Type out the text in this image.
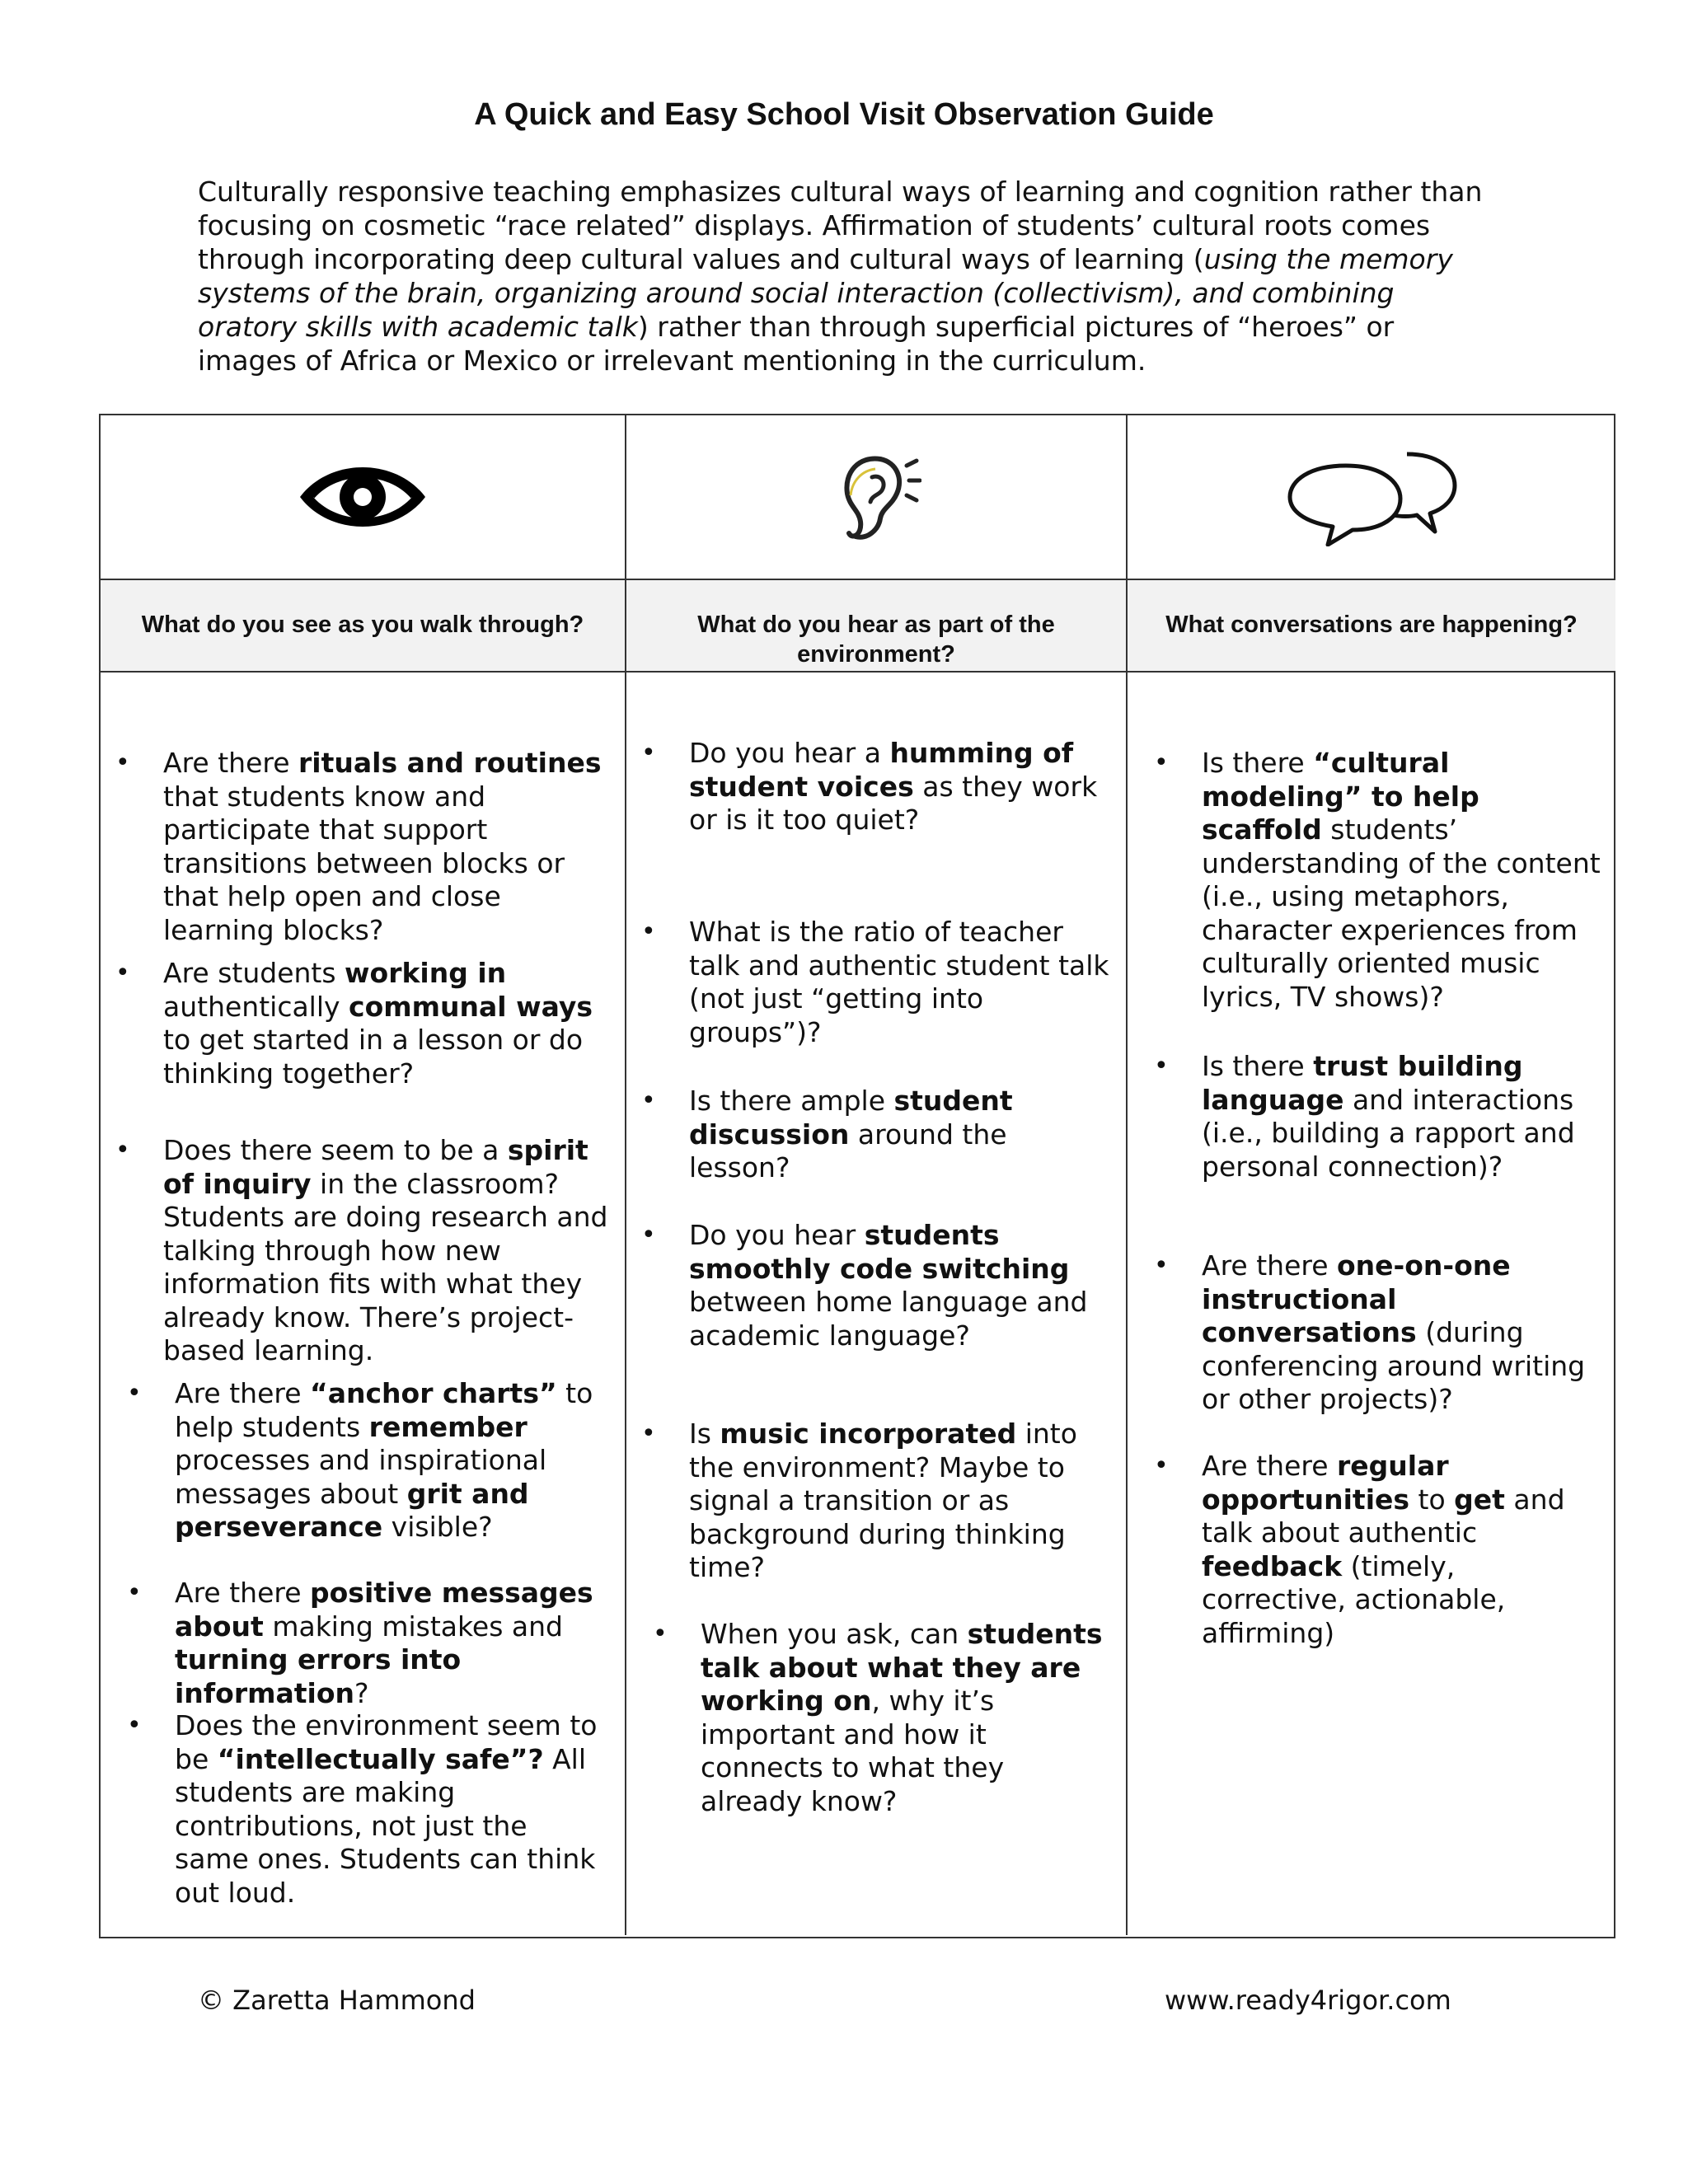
A Quick and Easy School Visit Observation Guide

Culturally responsive teaching emphasizes cultural ways of learning and cognition rather than focusing on cosmetic “race related” displays. Affirmation of students’ cultural roots comes through incorporating deep cultural values and cultural ways of learning (using the memory systems of the brain, organizing around social interaction (collectivism), and combining oratory skills with academic talk) rather than through superficial pictures of “heroes” or images of Africa or Mexico or irrelevant mentioning in the curriculum.

What do you see as you walk through?	What do you hear as part of the environment?
What conversations are happening?
• Are there rituals and routines that students know and participate that support transitions between blocks or that help open and close learning blocks?
• Are students working in authentically communal ways to get started in a lesson or do thinking together?
• Does there seem to be a spirit of inquiry in the classroom? Students are doing research and talking through how new information fits with what they already know. There’s project-based learning.
• Are there “anchor charts” to help students remember processes and inspirational messages about grit and perseverance visible?
• Are there positive messages about making mistakes and turning errors into information?
• Does the environment seem to be “intellectually safe”? All students are making contributions, not just the same ones. Students can think out loud.
• Do you hear a humming of student voices as they work or is it too quiet?
• What is the ratio of teacher talk and authentic student talk (not just “getting into groups”)?
• Is there ample student discussion around the lesson?
• Do you hear students smoothly code switching between home language and academic language?
• Is music incorporated into the environment? Maybe to signal a transition or as background during thinking time?
• When you ask, can students talk about what they are working on, why it’s important and how it connects to what they already know?
• Is there “cultural modeling” to help scaffold students’ understanding of the content (i.e., using metaphors, character experiences from culturally oriented music lyrics, TV shows)?
• Is there trust building language and interactions (i.e., building a rapport and personal connection)?
• Are there one-on-one instructional conversations (during conferencing around writing or other projects)?
• Are there regular opportunities to get and talk about authentic feedback (timely, corrective, actionable, affirming)

© Zaretta Hammond	www.ready4rigor.com
